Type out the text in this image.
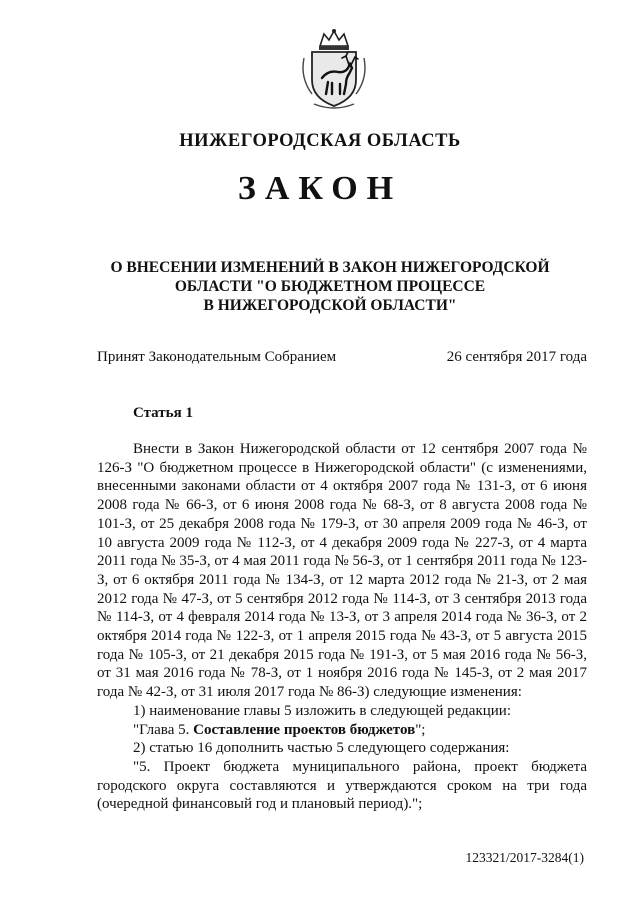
НИЖЕГОРОДСКАЯ ОБЛАСТЬ
ЗАКОН
О ВНЕСЕНИИ ИЗМЕНЕНИЙ В ЗАКОН НИЖЕГОРОДСКОЙ
ОБЛАСТИ "О БЮДЖЕТНОМ ПРОЦЕССЕ
В НИЖЕГОРОДСКОЙ ОБЛАСТИ"
Принят Законодательным Собранием	26 сентября 2017 года
Статья 1

Внести в Закон Нижегородской области от 12 сентября 2007 года № 126-З "О бюджетном процессе в Нижегородской области" (с изменениями, внесенными законами области от 4 октября 2007 года № 131-З, от 6 июня 2008 года № 66-З, от 6 июня 2008 года № 68-З, от 8 августа 2008 года № 101-З, от 25 декабря 2008 года № 179-З, от 30 апреля 2009 года № 46-З, от 10 августа 2009 года № 112-З, от 4 декабря 2009 года № 227-З, от 4 марта 2011 года № 35-З, от 4 мая 2011 года № 56-З, от 1 сентября 2011 года № 123-З, от 6 октября 2011 года № 134-З, от 12 марта 2012 года № 21-З, от 2 мая 2012 года № 47-З, от 5 сентября 2012 года № 114-З, от 3 сентября 2013 года № 114-З, от 4 февраля 2014 года № 13-З, от 3 апреля 2014 года № 36-З, от 2 октября 2014 года № 122-З, от 1 апреля 2015 года № 43-З, от 5 августа 2015 года № 105-З, от 21 декабря 2015 года № 191-З, от 5 мая 2016 года № 56-З, от 31 мая 2016 года № 78-З, от 1 ноября 2016 года № 145-З, от 2 мая 2017 года № 42-З, от 31 июля 2017 года № 86-З) следующие изменения:

1) наименование главы 5 изложить в следующей редакции:

"Глава 5. Составление проектов бюджетов";

2) статью 16 дополнить частью 5 следующего содержания:

"5. Проект бюджета муниципального района, проект бюджета городского округа составляются и утверждаются сроком на три года (очередной финансовый год и плановый период).";

123321/2017-3284(1)
